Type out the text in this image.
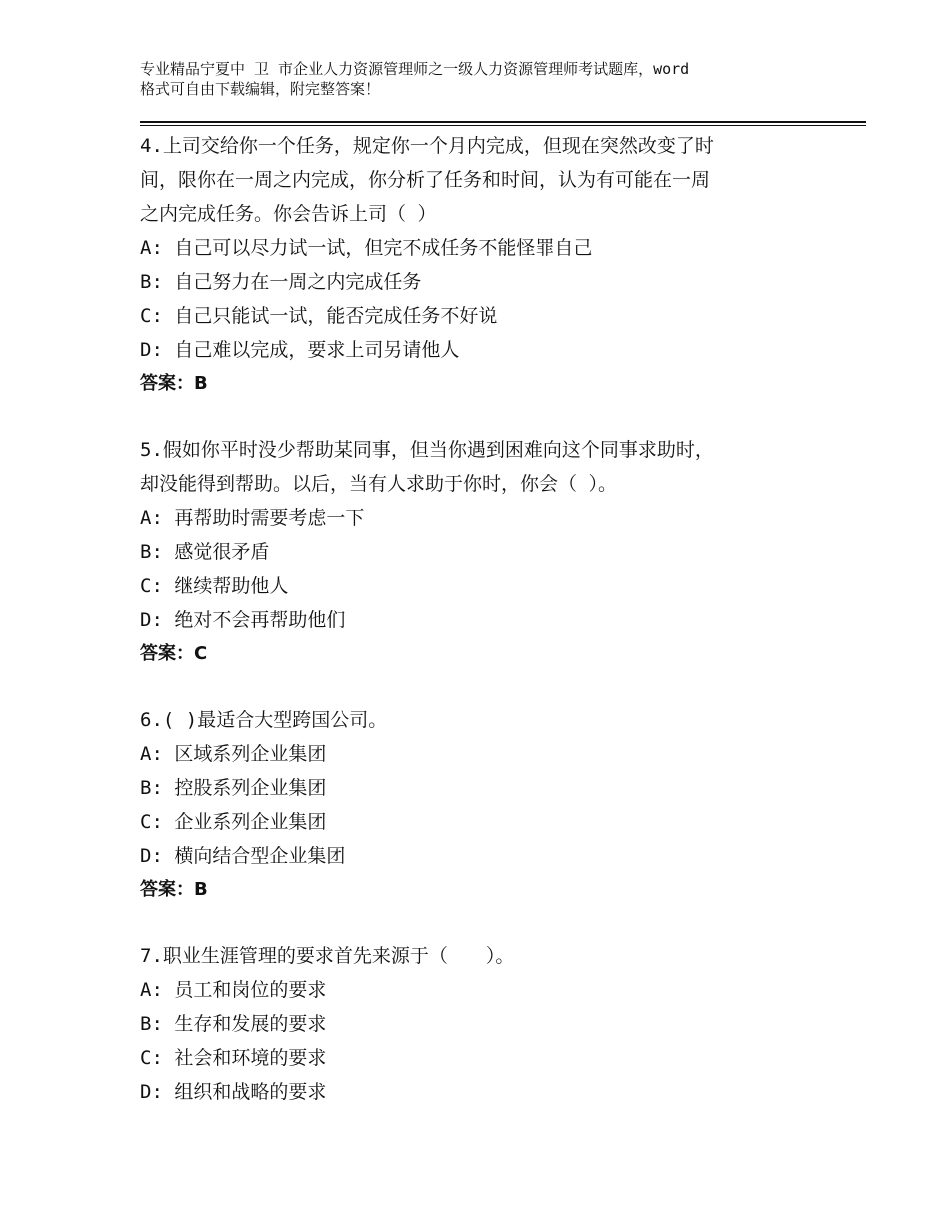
专业精品宁夏中 卫 市企业人力资源管理师之一级人力资源管理师考试题库，word
格式可自由下载编辑，附完整答案！
4.上司交给你一个任务，规定你一个月内完成，但现在突然改变了时
间，限你在一周之内完成，你分析了任务和时间，认为有可能在一周
之内完成任务。你会告诉上司（ ）
A: 自己可以尽力试一试，但完不成任务不能怪罪自己
B: 自己努力在一周之内完成任务
C: 自己只能试一试，能否完成任务不好说
D: 自己难以完成，要求上司另请他人
答案：B
5.假如你平时没少帮助某同事，但当你遇到困难向这个同事求助时，
却没能得到帮助。以后，当有人求助于你时，你会（ ）。
A: 再帮助时需要考虑一下
B: 感觉很矛盾
C: 继续帮助他人
D: 绝对不会再帮助他们
答案：C
6.( )最适合大型跨国公司。
A: 区域系列企业集团
B: 控股系列企业集团
C: 企业系列企业集团
D: 横向结合型企业集团
答案：B
7.职业生涯管理的要求首先来源于（　　）。
A: 员工和岗位的要求
B: 生存和发展的要求
C: 社会和环境的要求
D: 组织和战略的要求
